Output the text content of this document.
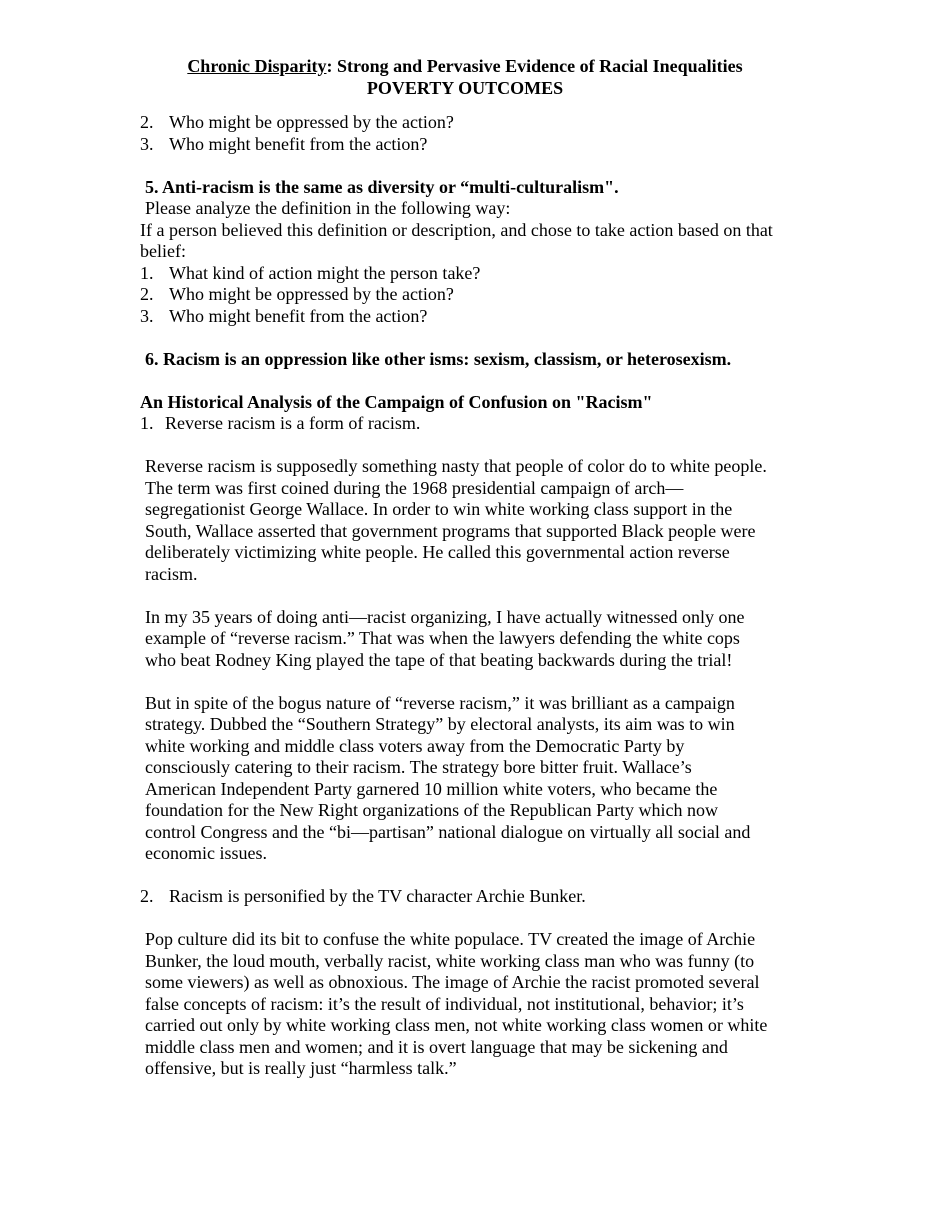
Chronic Disparity: Strong and Pervasive Evidence of Racial Inequalities
POVERTY OUTCOMES
2. Who might be oppressed by the action?
3. Who might benefit from the action?
5. Anti-racism is the same as diversity or “multi-culturalism".
Please analyze the definition in the following way:
If a person believed this definition or description, and chose to take action based on that
belief:
1. What kind of action might the person take?
2. Who might be oppressed by the action?
3. Who might benefit from the action?
6. Racism is an oppression like other isms: sexism, classism, or heterosexism.
An Historical Analysis of the Campaign of Confusion on "Racism"
1. Reverse racism is a form of racism.
Reverse racism is supposedly something nasty that people of color do to white people.
The term was first coined during the 1968 presidential campaign of arch—
segregationist George Wallace. In order to win white working class support in the
South, Wallace asserted that government programs that supported Black people were
deliberately victimizing white people. He called this governmental action reverse
racism.
In my 35 years of doing anti—racist organizing, I have actually witnessed only one
example of “reverse racism.” That was when the lawyers defending the white cops
who beat Rodney King played the tape of that beating backwards during the trial!
But in spite of the bogus nature of “reverse racism,” it was brilliant as a campaign
strategy. Dubbed the “Southern Strategy” by electoral analysts, its aim was to win
white working and middle class voters away from the Democratic Party by
consciously catering to their racism. The strategy bore bitter fruit. Wallace’s
American Independent Party garnered 10 million white voters, who became the
foundation for the New Right organizations of the Republican Party which now
control Congress and the “bi—partisan” national dialogue on virtually all social and
economic issues.
2. Racism is personified by the TV character Archie Bunker.
Pop culture did its bit to confuse the white populace. TV created the image of Archie
Bunker, the loud mouth, verbally racist, white working class man who was funny (to
some viewers) as well as obnoxious. The image of Archie the racist promoted several
false concepts of racism: it’s the result of individual, not institutional, behavior; it’s
carried out only by white working class men, not white working class women or white
middle class men and women; and it is overt language that may be sickening and
offensive, but is really just “harmless talk.”
